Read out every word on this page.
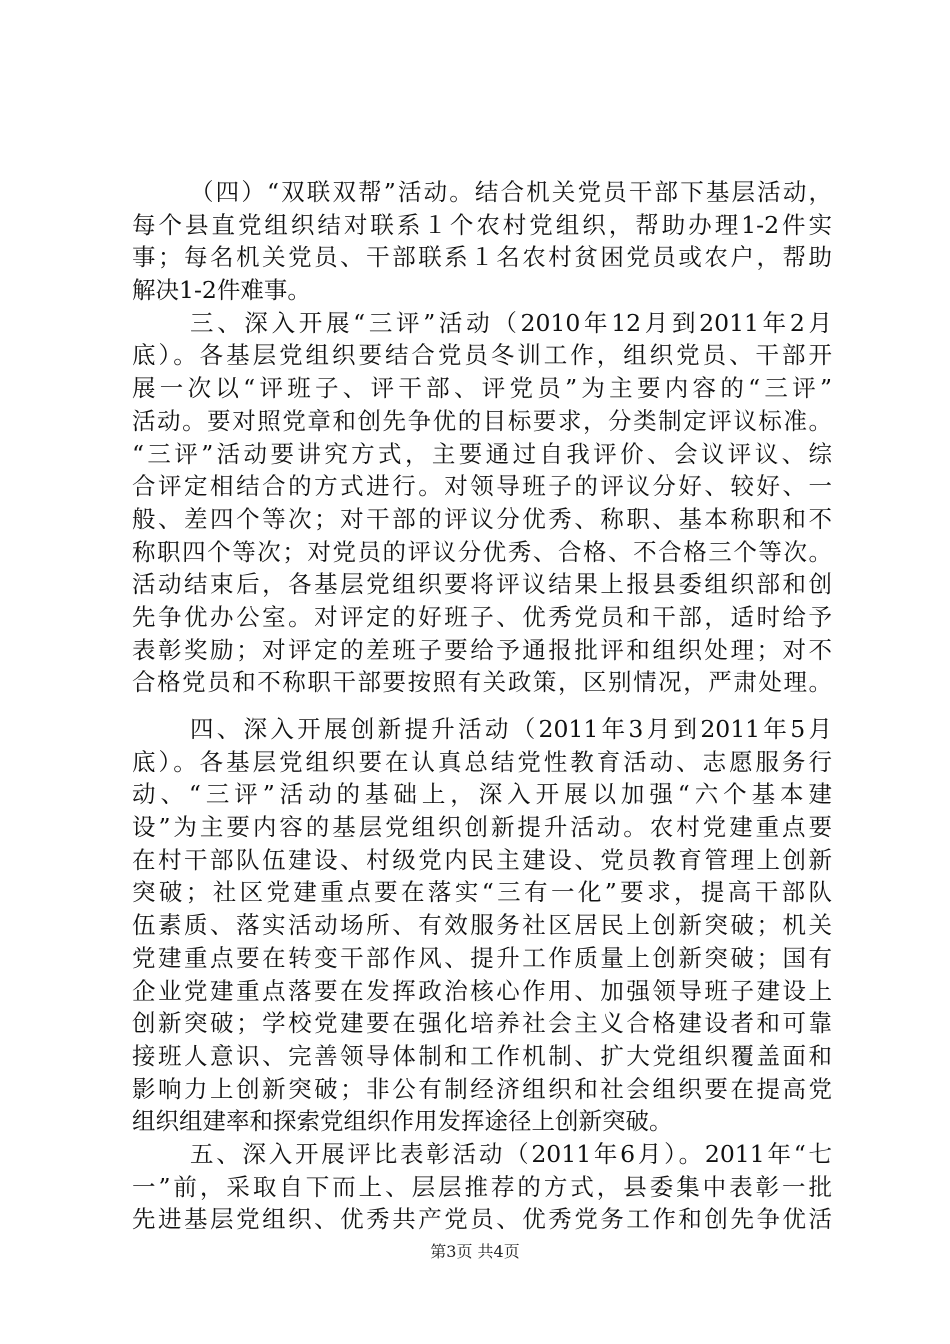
（四）“双联双帮”活动。结合机关党员干部下基层活动，
每个县直党组织结对联系１个农村党组织，帮助办理1-2件实
事；每名机关党员、干部联系１名农村贫困党员或农户，帮助
解决1-2件难事。
三、深入开展“三评”活动（2010年12月到2011年2月
底）。各基层党组织要结合党员冬训工作，组织党员、干部开
展一次以“评班子、评干部、评党员”为主要内容的“三评”
活动。要对照党章和创先争优的目标要求，分类制定评议标准。
“三评”活动要讲究方式，主要通过自我评价、会议评议、综
合评定相结合的方式进行。对领导班子的评议分好、较好、一
般、差四个等次；对干部的评议分优秀、称职、基本称职和不
称职四个等次；对党员的评议分优秀、合格、不合格三个等次。
活动结束后，各基层党组织要将评议结果上报县委组织部和创
先争优办公室。对评定的好班子、优秀党员和干部，适时给予
表彰奖励；对评定的差班子要给予通报批评和组织处理；对不
合格党员和不称职干部要按照有关政策，区别情况，严肃处理。
四、深入开展创新提升活动（2011年3月到2011年5月
底）。各基层党组织要在认真总结党性教育活动、志愿服务行
动、“三评”活动的基础上，深入开展以加强“六个基本建
设”为主要内容的基层党组织创新提升活动。农村党建重点要
在村干部队伍建设、村级党内民主建设、党员教育管理上创新
突破；社区党建重点要在落实“三有一化”要求，提高干部队
伍素质、落实活动场所、有效服务社区居民上创新突破；机关
党建重点要在转变干部作风、提升工作质量上创新突破；国有
企业党建重点落要在发挥政治核心作用、加强领导班子建设上
创新突破；学校党建要在强化培养社会主义合格建设者和可靠
接班人意识、完善领导体制和工作机制、扩大党组织覆盖面和
影响力上创新突破；非公有制经济组织和社会组织要在提高党
组织组建率和探索党组织作用发挥途径上创新突破。
五、深入开展评比表彰活动（2011年6月）。2011年“七
一”前，采取自下而上、层层推荐的方式，县委集中表彰一批
先进基层党组织、优秀共产党员、优秀党务工作和创先争优活
第3页 共4页
